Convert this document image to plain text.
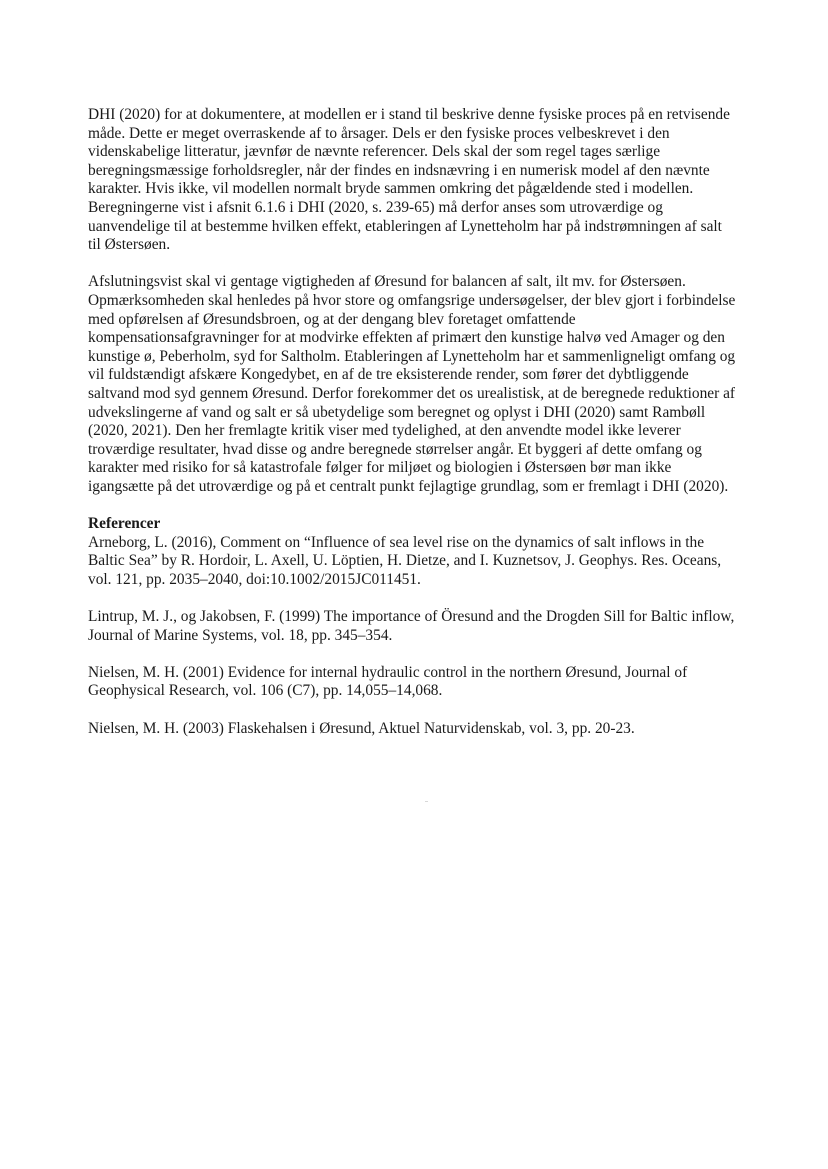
DHI (2020) for at dokumentere, at modellen er i stand til beskrive denne fysiske proces på en retvisende måde. Dette er meget overraskende af to årsager. Dels er den fysiske proces velbeskrevet i den videnskabelige litteratur, jævnfør de nævnte referencer. Dels skal der som regel tages særlige beregningsmæssige forholdsregler, når der findes en indsnævring i en numerisk model af den nævnte karakter. Hvis ikke, vil modellen normalt bryde sammen omkring det pågældende sted i modellen. Beregningerne vist i afsnit 6.1.6 i DHI (2020, s. 239-65) må derfor anses som utroværdige og uanvendelige til at bestemme hvilken effekt, etableringen af Lynetteholm har på indstrømningen af salt til Østersøen.

Afslutningsvist skal vi gentage vigtigheden af Øresund for balancen af salt, ilt mv. for Østersøen. Opmærksomheden skal henledes på hvor store og omfangsrige undersøgelser, der blev gjort i forbindelse med opførelsen af Øresundsbroen, og at der dengang blev foretaget omfattende kompensationsafgravninger for at modvirke effekten af primært den kunstige halvø ved Amager og den kunstige ø, Peberholm, syd for Saltholm. Etableringen af Lynetteholm har et sammenligneligt omfang og vil fuldstændigt afskære Kongedybet, en af de tre eksisterende render, som fører det dybtliggende saltvand mod syd gennem Øresund. Derfor forekommer det os urealistisk, at de beregnede reduktioner af udvekslingerne af vand og salt er så ubetydelige som beregnet og oplyst i DHI (2020) samt Rambøll (2020, 2021). Den her fremlagte kritik viser med tydelighed, at den anvendte model ikke leverer troværdige resultater, hvad disse og andre beregnede størrelser angår. Et byggeri af dette omfang og karakter med risiko for så katastrofale følger for miljøet og biologien i Østersøen bør man ikke igangsætte på det utroværdige og på et centralt punkt fejlagtige grundlag, som er fremlagt i DHI (2020).

Referencer

Arneborg, L. (2016), Comment on “Influence of sea level rise on the dynamics of salt inflows in the Baltic Sea” by R. Hordoir, L. Axell, U. Löptien, H. Dietze, and I. Kuznetsov, J. Geophys. Res. Oceans, vol. 121, pp. 2035–2040, doi:10.1002/2015JC011451.

Lintrup, M. J., og Jakobsen, F. (1999) The importance of Öresund and the Drogden Sill for Baltic inflow, Journal of Marine Systems, vol. 18, pp. 345–354.

Nielsen, M. H. (2001) Evidence for internal hydraulic control in the northern Øresund, Journal of Geophysical Research, vol. 106 (C7), pp. 14,055–14,068.

Nielsen, M. H. (2003) Flaskehalsen i Øresund, Aktuel Naturvidenskab, vol. 3, pp. 20-23.
